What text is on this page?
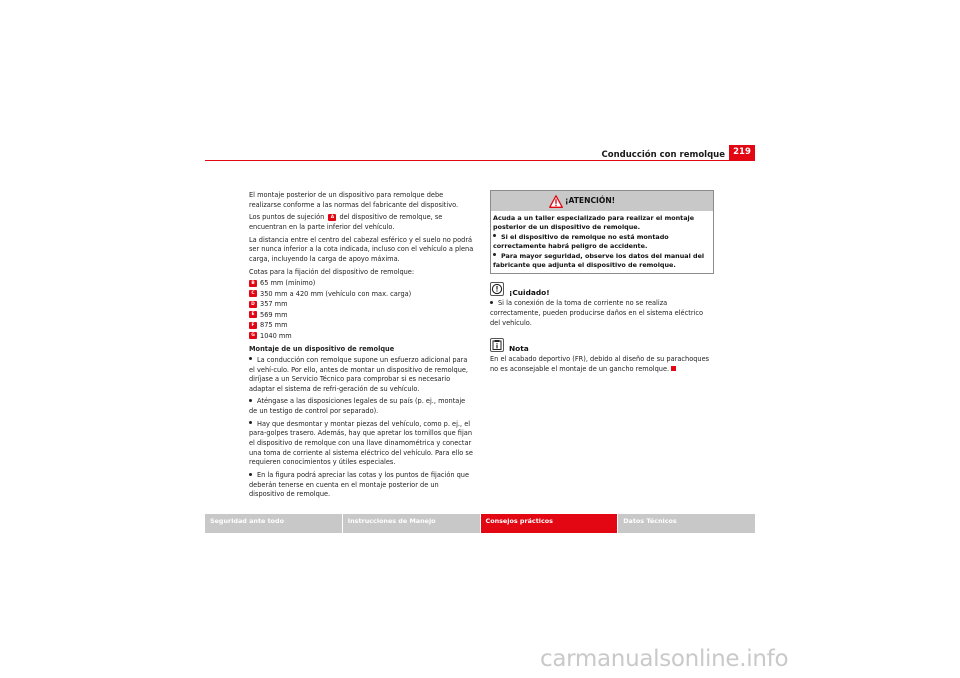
Conducción con remolque 219

El montaje posterior de un dispositivo para remolque debe realizarse conforme a las normas del fabricante del dispositivo.

Los puntos de sujeción A del dispositivo de remolque, se encuentran en la parte inferior del vehículo.

La distancia entre el centro del cabezal esférico y el suelo no podrá ser nunca inferior a la cota indicada, incluso con el vehículo a plena carga, incluyendo la carga de apoyo máxima.

Cotas para la fijación del dispositivo de remolque:

B 65 mm (mínimo)
C 350 mm a 420 mm (vehículo con max. carga)
D 357 mm
E 569 mm
F 875 mm
G 1040 mm

Montaje de un dispositivo de remolque

La conducción con remolque supone un esfuerzo adicional para el vehí-culo. Por ello, antes de montar un dispositivo de remolque, diríjase a un Servicio Técnico para comprobar si es necesario adaptar el sistema de refri-geración de su vehículo.

Aténgase a las disposiciones legales de su país (p. ej., montaje de un testigo de control por separado).

Hay que desmontar y montar piezas del vehículo, como p. ej., el para-golpes trasero. Además, hay que apretar los tornillos que fijan el dispositivo de remolque con una llave dinamométrica y conectar una toma de corriente al sistema eléctrico del vehículo. Para ello se requieren conocimientos y útiles especiales.

En la figura podrá apreciar las cotas y los puntos de fijación que deberán tenerse en cuenta en el montaje posterior de un dispositivo de remolque.

¡ATENCIÓN!

Acuda a un taller especializado para realizar el montaje posterior de un dispositivo de remolque.

Si el dispositivo de remolque no está montado correctamente habrá peligro de accidente.

Para mayor seguridad, observe los datos del manual del fabricante que adjunta el dispositivo de remolque.

¡Cuidado!

Si la conexión de la toma de corriente no se realiza correctamente, pueden producirse daños en el sistema eléctrico del vehículo.

Nota

En el acabado deportivo (FR), debido al diseño de su parachoques no es aconsejable el montaje de un gancho remolque.

Seguridad ante todo	Instrucciones de Manejo	Consejos prácticos	Datos Técnicos
carmanualsonline.info
